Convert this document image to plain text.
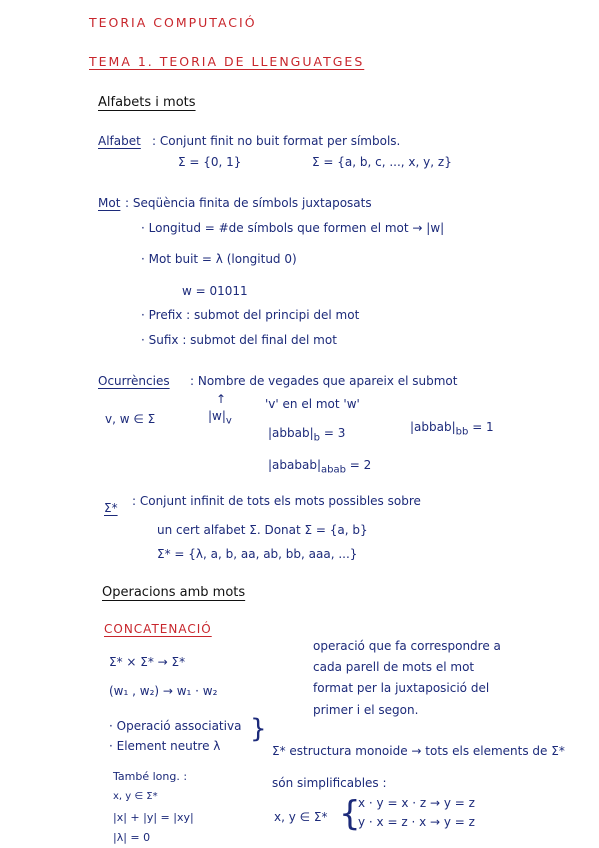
TEORIA COMPUTACIÓ
TEMA 1. TEORIA DE LLENGUATGES
Alfabets i mots
Alfabet : Conjunt finit no buit format per símbols.
Σ = {0, 1}	Σ = {a, b, c, ..., x, y, z}
Mot : Seqüència finita de símbols juxtaposats
· Longitud = #de símbols que formen el mot → |w|
· Mot buit = λ (longitud 0)
w = 01011
· Prefix : submot del principi del mot
· Sufix : submot del final del mot
Ocurrències : Nombre de vegades que apareix el submot
v, w ∈ Σ
↑
$|w|_v$
'v' en el mot 'w'
$|abbab|_b = 3$	$|abbab|_{bb} = 1$
$|ababab|_{abab} = 2$
Σ* : Conjunt infinit de tots els mots possibles sobre
un cert alfabet Σ. Donat Σ = {a, b}
Σ* = {λ, a, b, aa, ab, bb, aaa, ...}
Operacions amb mots
CONCATENACIÓ
Σ* × Σ* → Σ*
(w₁ , w₂) → w₁ · w₂
operació que fa correspondre a
cada parell de mots el mot
format per la juxtaposició del
primer i el segon.
· Operació associativa
· Element neutre λ
}
Σ* estructura monoide → tots els elements de Σ*
són simplificables :
També long. :
x, y ∈ Σ*
|x| + |y| = |xy|
|λ| = 0
x, y ∈ Σ* {
x · y = x · z → y = z
y · x = z · x → y = z
